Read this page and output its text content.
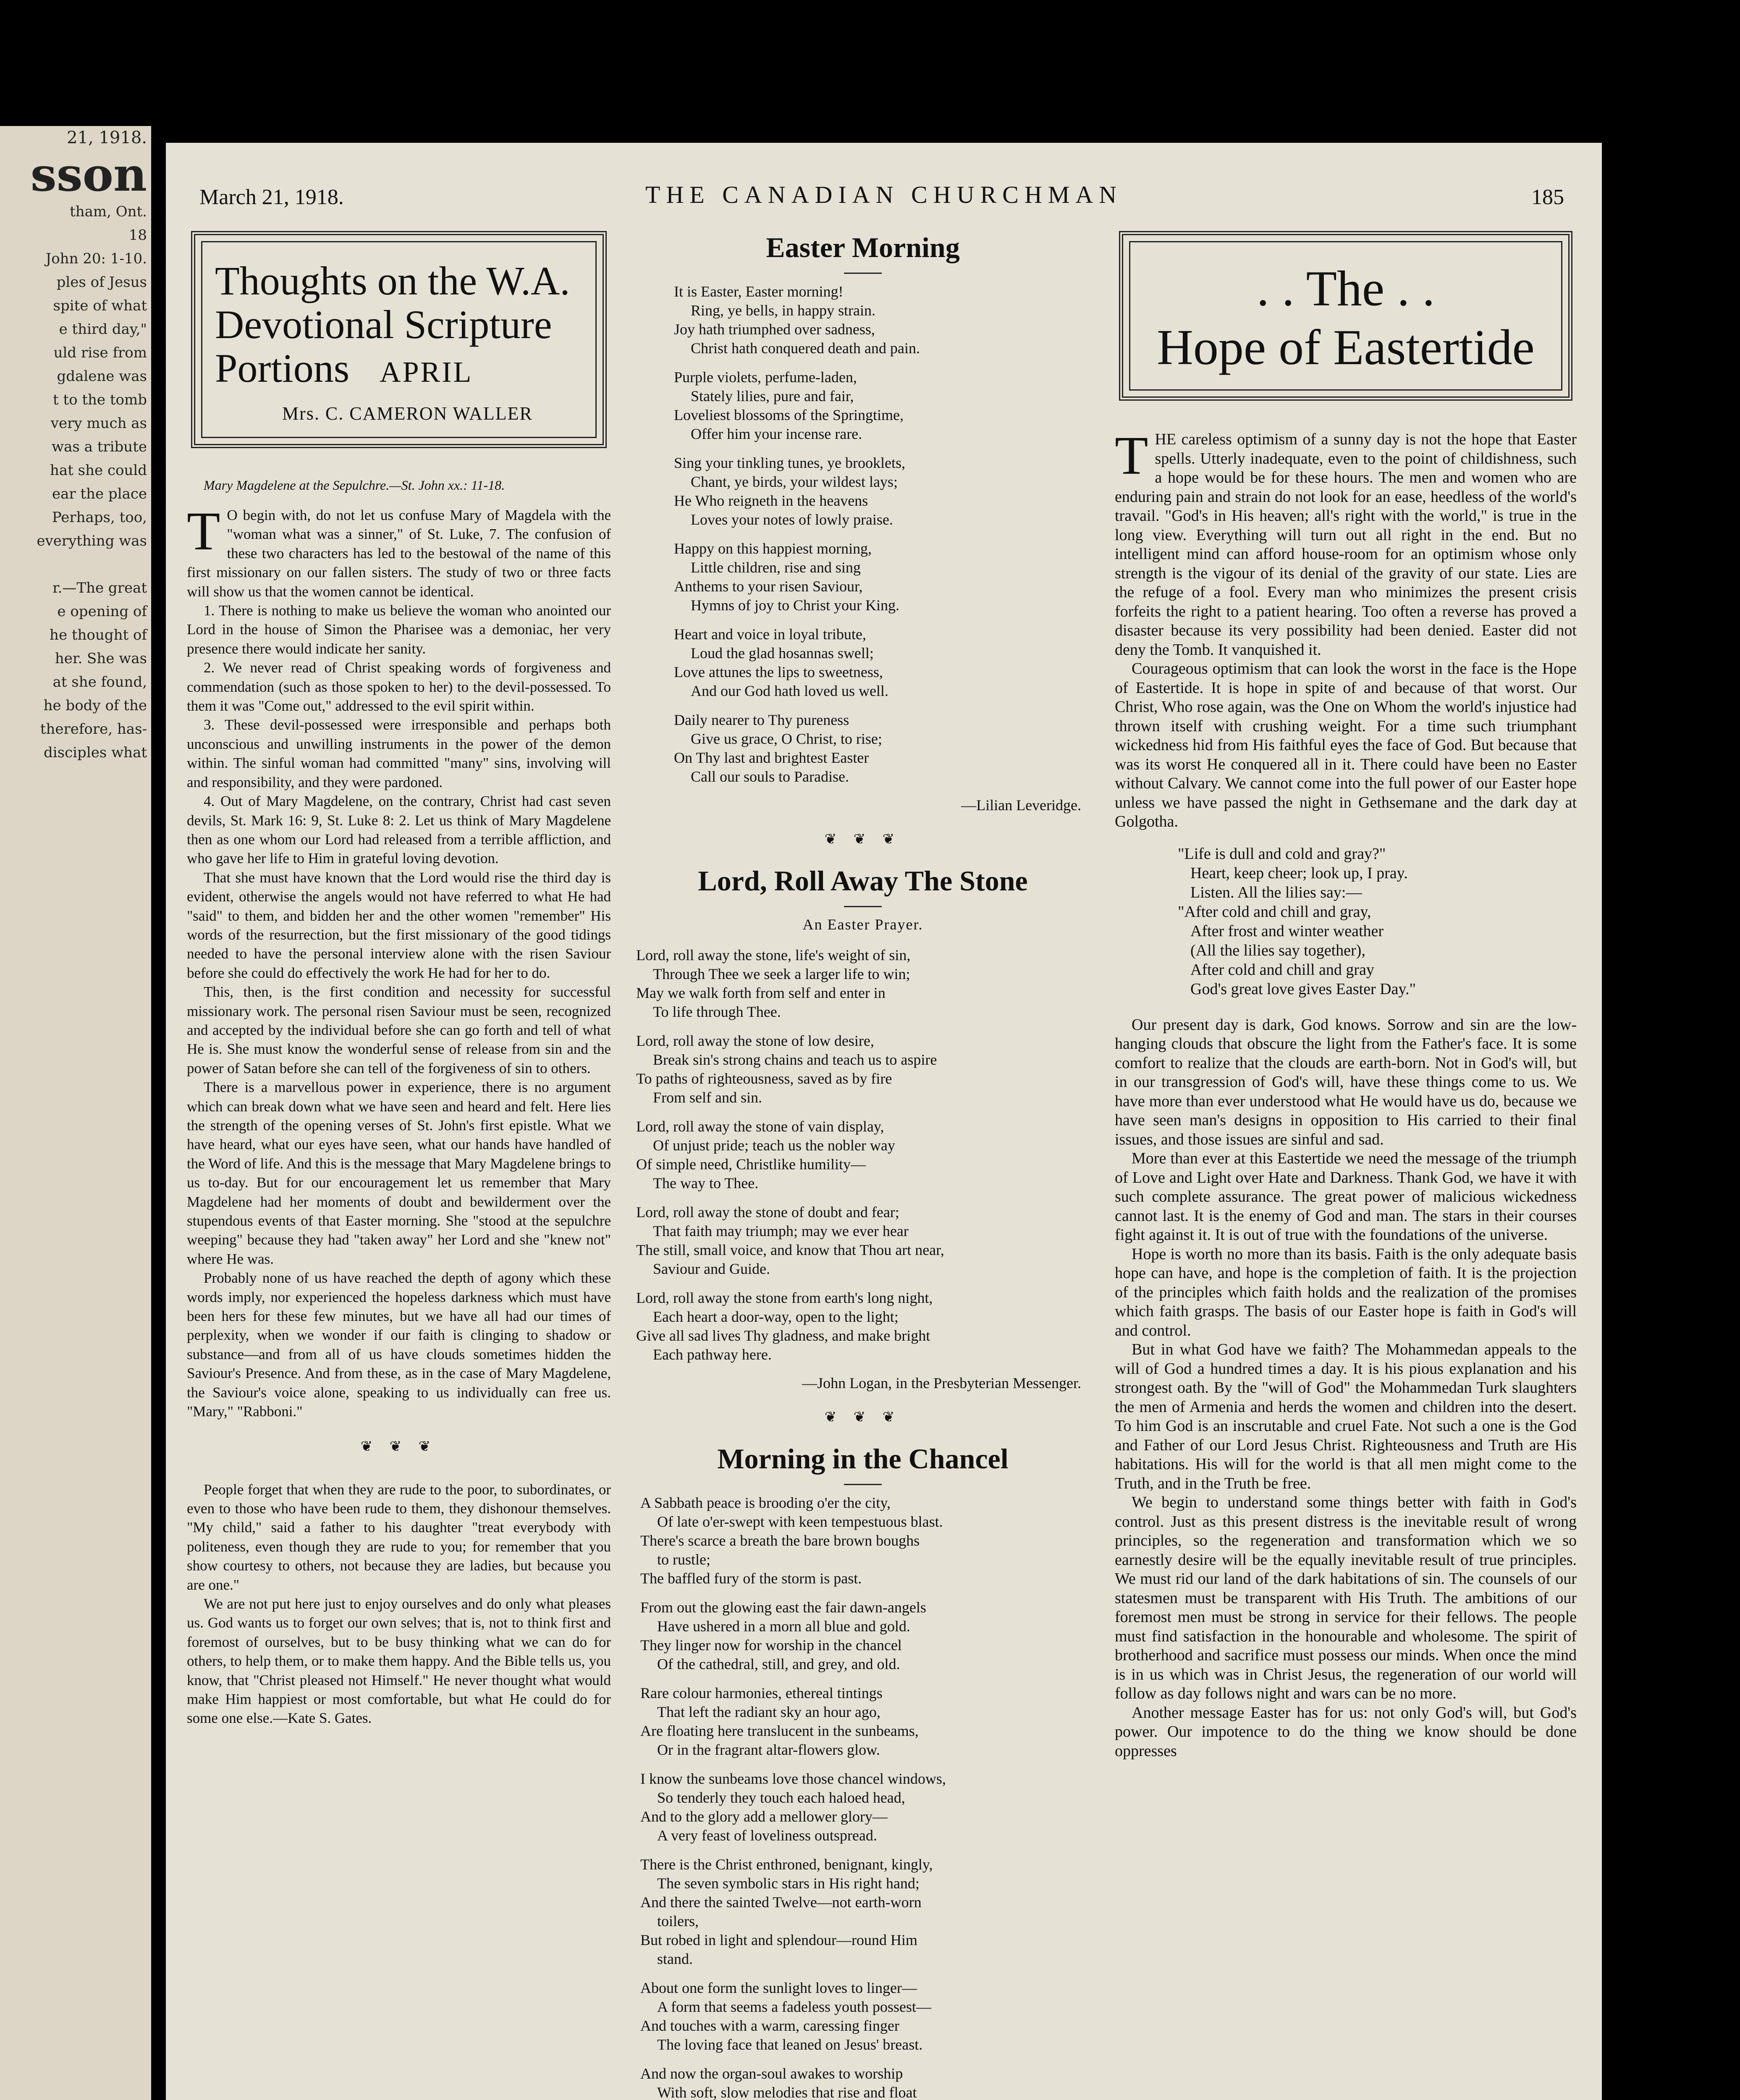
21, 1918.

sson

tham, Ont.

18

John 20: 1-10.

ples of Jesus

spite of what

e third day,"

uld rise from

gdalene was

t to the tomb

very much as

was a tribute

hat she could

ear the place

Perhaps, too,

everything was

r.—The great

e opening of

he thought of

her. She was

at she found,

he body of the

therefore, has-

disciples what

March 21, 1918.	THE CANADIAN CHURCHMAN	185

Thoughts on the W.A.
Devotional Scripture
Portions APRIL

Mrs. C. CAMERON WALLER

Mary Magdelene at the Sepulchre.—St. John xx.: 11-18.

T O begin with, do not let us confuse Mary of Magdela with the "woman what was a sinner," of St. Luke, 7. The confusion of these two characters has led to the bestowal of the name of this first missionary on our fallen sisters. The study of two or three facts will show us that the women cannot be identical.

1. There is nothing to make us believe the woman who anointed our Lord in the house of Simon the Pharisee was a demoniac, her very presence there would indicate her sanity.

2. We never read of Christ speaking words of forgiveness and commendation (such as those spoken to her) to the devil-possessed. To them it was "Come out," addressed to the evil spirit within.

3. These devil-possessed were irresponsible and perhaps both unconscious and unwilling instruments in the power of the demon within. The sinful woman had committed "many" sins, involving will and responsibility, and they were pardoned.

4. Out of Mary Magdelene, on the contrary, Christ had cast seven devils, St. Mark 16: 9, St. Luke 8: 2. Let us think of Mary Magdelene then as one whom our Lord had released from a terrible affliction, and who gave her life to Him in grateful loving devotion.

That she must have known that the Lord would rise the third day is evident, otherwise the angels would not have referred to what He had "said" to them, and bidden her and the other women "remember" His words of the resurrection, but the first missionary of the good tidings needed to have the personal interview alone with the risen Saviour before she could do effectively the work He had for her to do.

This, then, is the first condition and necessity for successful missionary work. The personal risen Saviour must be seen, recognized and accepted by the individual before she can go forth and tell of what He is. She must know the wonderful sense of release from sin and the power of Satan before she can tell of the forgiveness of sin to others.

There is a marvellous power in experience, there is no argument which can break down what we have seen and heard and felt. Here lies the strength of the opening verses of St. John's first epistle. What we have heard, what our eyes have seen, what our hands have handled of the Word of life. And this is the message that Mary Magdelene brings to us to-day. But for our encouragement let us remember that Mary Magdelene had her moments of doubt and bewilderment over the stupendous events of that Easter morning. She "stood at the sepulchre weeping" because they had "taken away" her Lord and she "knew not" where He was.

Probably none of us have reached the depth of agony which these words imply, nor experienced the hopeless darkness which must have been hers for these few minutes, but we have all had our times of perplexity, when we wonder if our faith is clinging to shadow or substance—and from all of us have clouds sometimes hidden the Saviour's Presence. And from these, as in the case of Mary Magdelene, the Saviour's voice alone, speaking to us individually can free us. "Mary," "Rabboni."

❦ ❦ ❦

People forget that when they are rude to the poor, to subordinates, or even to those who have been rude to them, they dishonour themselves. "My child," said a father to his daughter "treat everybody with politeness, even though they are rude to you; for remember that you show courtesy to others, not because they are ladies, but because you are one."

We are not put here just to enjoy ourselves and do only what pleases us. God wants us to forget our own selves; that is, not to think first and foremost of ourselves, but to be busy thinking what we can do for others, to help them, or to make them happy. And the Bible tells us, you know, that "Christ pleased not Himself." He never thought what would make Him happiest or most comfortable, but what He could do for some one else.—Kate S. Gates.

Easter Morning
It is Easter, Easter morning!
Ring, ye bells, in happy strain.
Joy hath triumphed over sadness,
Christ hath conquered death and pain.
Purple violets, perfume-laden,
Stately lilies, pure and fair,
Loveliest blossoms of the Springtime,
Offer him your incense rare.
Sing your tinkling tunes, ye brooklets,
Chant, ye birds, your wildest lays;
He Who reigneth in the heavens
Loves your notes of lowly praise.
Happy on this happiest morning,
Little children, rise and sing
Anthems to your risen Saviour,
Hymns of joy to Christ your King.
Heart and voice in loyal tribute,
Loud the glad hosannas swell;
Love attunes the lips to sweetness,
And our God hath loved us well.
Daily nearer to Thy pureness
Give us grace, O Christ, to rise;
On Thy last and brightest Easter
Call our souls to Paradise.

—Lilian Leveridge.

❦ ❦ ❦
Lord, Roll Away The Stone

An Easter Prayer.

Lord, roll away the stone, life's weight of sin,
Through Thee we seek a larger life to win;
May we walk forth from self and enter in
To life through Thee.
Lord, roll away the stone of low desire,
Break sin's strong chains and teach us to aspire
To paths of righteousness, saved as by fire
From self and sin.
Lord, roll away the stone of vain display,
Of unjust pride; teach us the nobler way
Of simple need, Christlike humility—
The way to Thee.
Lord, roll away the stone of doubt and fear;
That faith may triumph; may we ever hear
The still, small voice, and know that Thou art near,
Saviour and Guide.
Lord, roll away the stone from earth's long night,
Each heart a door-way, open to the light;
Give all sad lives Thy gladness, and make bright
Each pathway here.

—John Logan, in the Presbyterian Messenger.

❦ ❦ ❦
Morning in the Chancel
A Sabbath peace is brooding o'er the city,
Of late o'er-swept with keen tempestuous blast.
There's scarce a breath the bare brown boughs
to rustle;
The baffled fury of the storm is past.
From out the glowing east the fair dawn-angels
Have ushered in a morn all blue and gold.
They linger now for worship in the chancel
Of the cathedral, still, and grey, and old.
Rare colour harmonies, ethereal tintings
That left the radiant sky an hour ago,
Are floating here translucent in the sunbeams,
Or in the fragrant altar-flowers glow.
I know the sunbeams love those chancel windows,
So tenderly they touch each haloed head,
And to the glory add a mellower glory—
A very feast of loveliness outspread.
There is the Christ enthroned, benignant, kingly,
The seven symbolic stars in His right hand;
And there the sainted Twelve—not earth-worn
toilers,
But robed in light and splendour—round Him
stand.
About one form the sunlight loves to linger—
A form that seems a fadeless youth possest—
And touches with a warm, caressing finger
The loving face that leaned on Jesus' breast.
And now the organ-soul awakes to worship
With soft, slow melodies that rise and float

. . The . .
Hope of Eastertide

T HE careless optimism of a sunny day is not the hope that Easter spells. Utterly inadequate, even to the point of childishness, such a hope would be for these hours. The men and women who are enduring pain and strain do not look for an ease, heedless of the world's travail. "God's in His heaven; all's right with the world," is true in the long view. Everything will turn out all right in the end. But no intelligent mind can afford house-room for an optimism whose only strength is the vigour of its denial of the gravity of our state. Lies are the refuge of a fool. Every man who minimizes the present crisis forfeits the right to a patient hearing. Too often a reverse has proved a disaster because its very possibility had been denied. Easter did not deny the Tomb. It vanquished it.

Courageous optimism that can look the worst in the face is the Hope of Eastertide. It is hope in spite of and because of that worst. Our Christ, Who rose again, was the One on Whom the world's injustice had thrown itself with crushing weight. For a time such triumphant wickedness hid from His faithful eyes the face of God. But because that was its worst He conquered all in it. There could have been no Easter without Calvary. We cannot come into the full power of our Easter hope unless we have passed the night in Gethsemane and the dark day at Golgotha.

"Life is dull and cold and gray?"
Heart, keep cheer; look up, I pray.
Listen. All the lilies say:—
"After cold and chill and gray,
After frost and winter weather
(All the lilies say together),
After cold and chill and gray
God's great love gives Easter Day."

Our present day is dark, God knows. Sorrow and sin are the low-hanging clouds that obscure the light from the Father's face. It is some comfort to realize that the clouds are earth-born. Not in God's will, but in our transgression of God's will, have these things come to us. We have more than ever understood what He would have us do, because we have seen man's designs in opposition to His carried to their final issues, and those issues are sinful and sad.

More than ever at this Eastertide we need the message of the triumph of Love and Light over Hate and Darkness. Thank God, we have it with such complete assurance. The great power of malicious wickedness cannot last. It is the enemy of God and man. The stars in their courses fight against it. It is out of true with the foundations of the universe.

Hope is worth no more than its basis. Faith is the only adequate basis hope can have, and hope is the completion of faith. It is the projection of the principles which faith holds and the realization of the promises which faith grasps. The basis of our Easter hope is faith in God's will and control.

But in what God have we faith? The Mohammedan appeals to the will of God a hundred times a day. It is his pious explanation and his strongest oath. By the "will of God" the Mohammedan Turk slaughters the men of Armenia and herds the women and children into the desert. To him God is an inscrutable and cruel Fate. Not such a one is the God and Father of our Lord Jesus Christ. Righteousness and Truth are His habitations. His will for the world is that all men might come to the Truth, and in the Truth be free.

We begin to understand some things better with faith in God's control. Just as this present distress is the inevitable result of wrong principles, so the regeneration and transformation which we so earnestly desire will be the equally inevitable result of true principles. We must rid our land of the dark habitations of sin. The counsels of our statesmen must be transparent with His Truth. The ambitions of our foremost men must be strong in service for their fellows. The people must find satisfaction in the honourable and wholesome. The spirit of brotherhood and sacrifice must possess our minds. When once the mind is in us which was in Christ Jesus, the regeneration of our world will follow as day follows night and wars can be no more.

Another message Easter has for us: not only God's will, but God's power. Our impotence to do the thing we know should be done oppresses
